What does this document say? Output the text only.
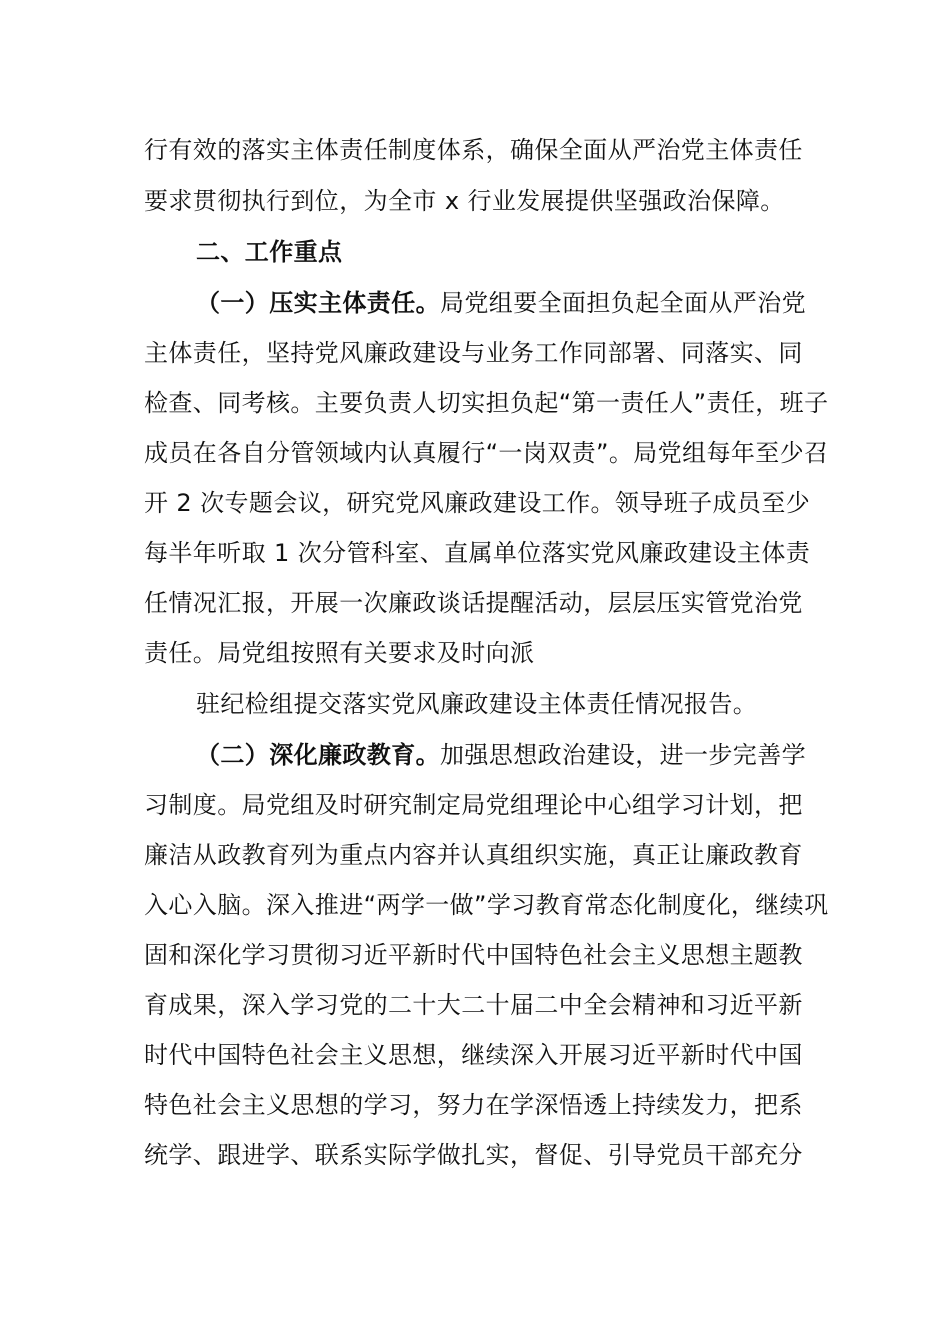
行有效的落实主体责任制度体系，确保全面从严治党主体责任
要求贯彻执行到位，为全市 x 行业发展提供坚强政治保障。
二、工作重点
（一）压实主体责任。局党组要全面担负起全面从严治党
主体责任，坚持党风廉政建设与业务工作同部署、同落实、同
检查、同考核。主要负责人切实担负起“第一责任人”责任，班子
成员在各自分管领域内认真履行“一岗双责”。局党组每年至少召
开 2 次专题会议，研究党风廉政建设工作。领导班子成员至少
每半年听取 1 次分管科室、直属单位落实党风廉政建设主体责
任情况汇报，开展一次廉政谈话提醒活动，层层压实管党治党
责任。局党组按照有关要求及时向派
驻纪检组提交落实党风廉政建设主体责任情况报告。
（二）深化廉政教育。加强思想政治建设，进一步完善学
习制度。局党组及时研究制定局党组理论中心组学习计划，把
廉洁从政教育列为重点内容并认真组织实施，真正让廉政教育
入心入脑。深入推进“两学一做”学习教育常态化制度化，继续巩
固和深化学习贯彻习近平新时代中国特色社会主义思想主题教
育成果，深入学习党的二十大二十届二中全会精神和习近平新
时代中国特色社会主义思想，继续深入开展习近平新时代中国
特色社会主义思想的学习，努力在学深悟透上持续发力，把系
统学、跟进学、联系实际学做扎实，督促、引导党员干部充分
